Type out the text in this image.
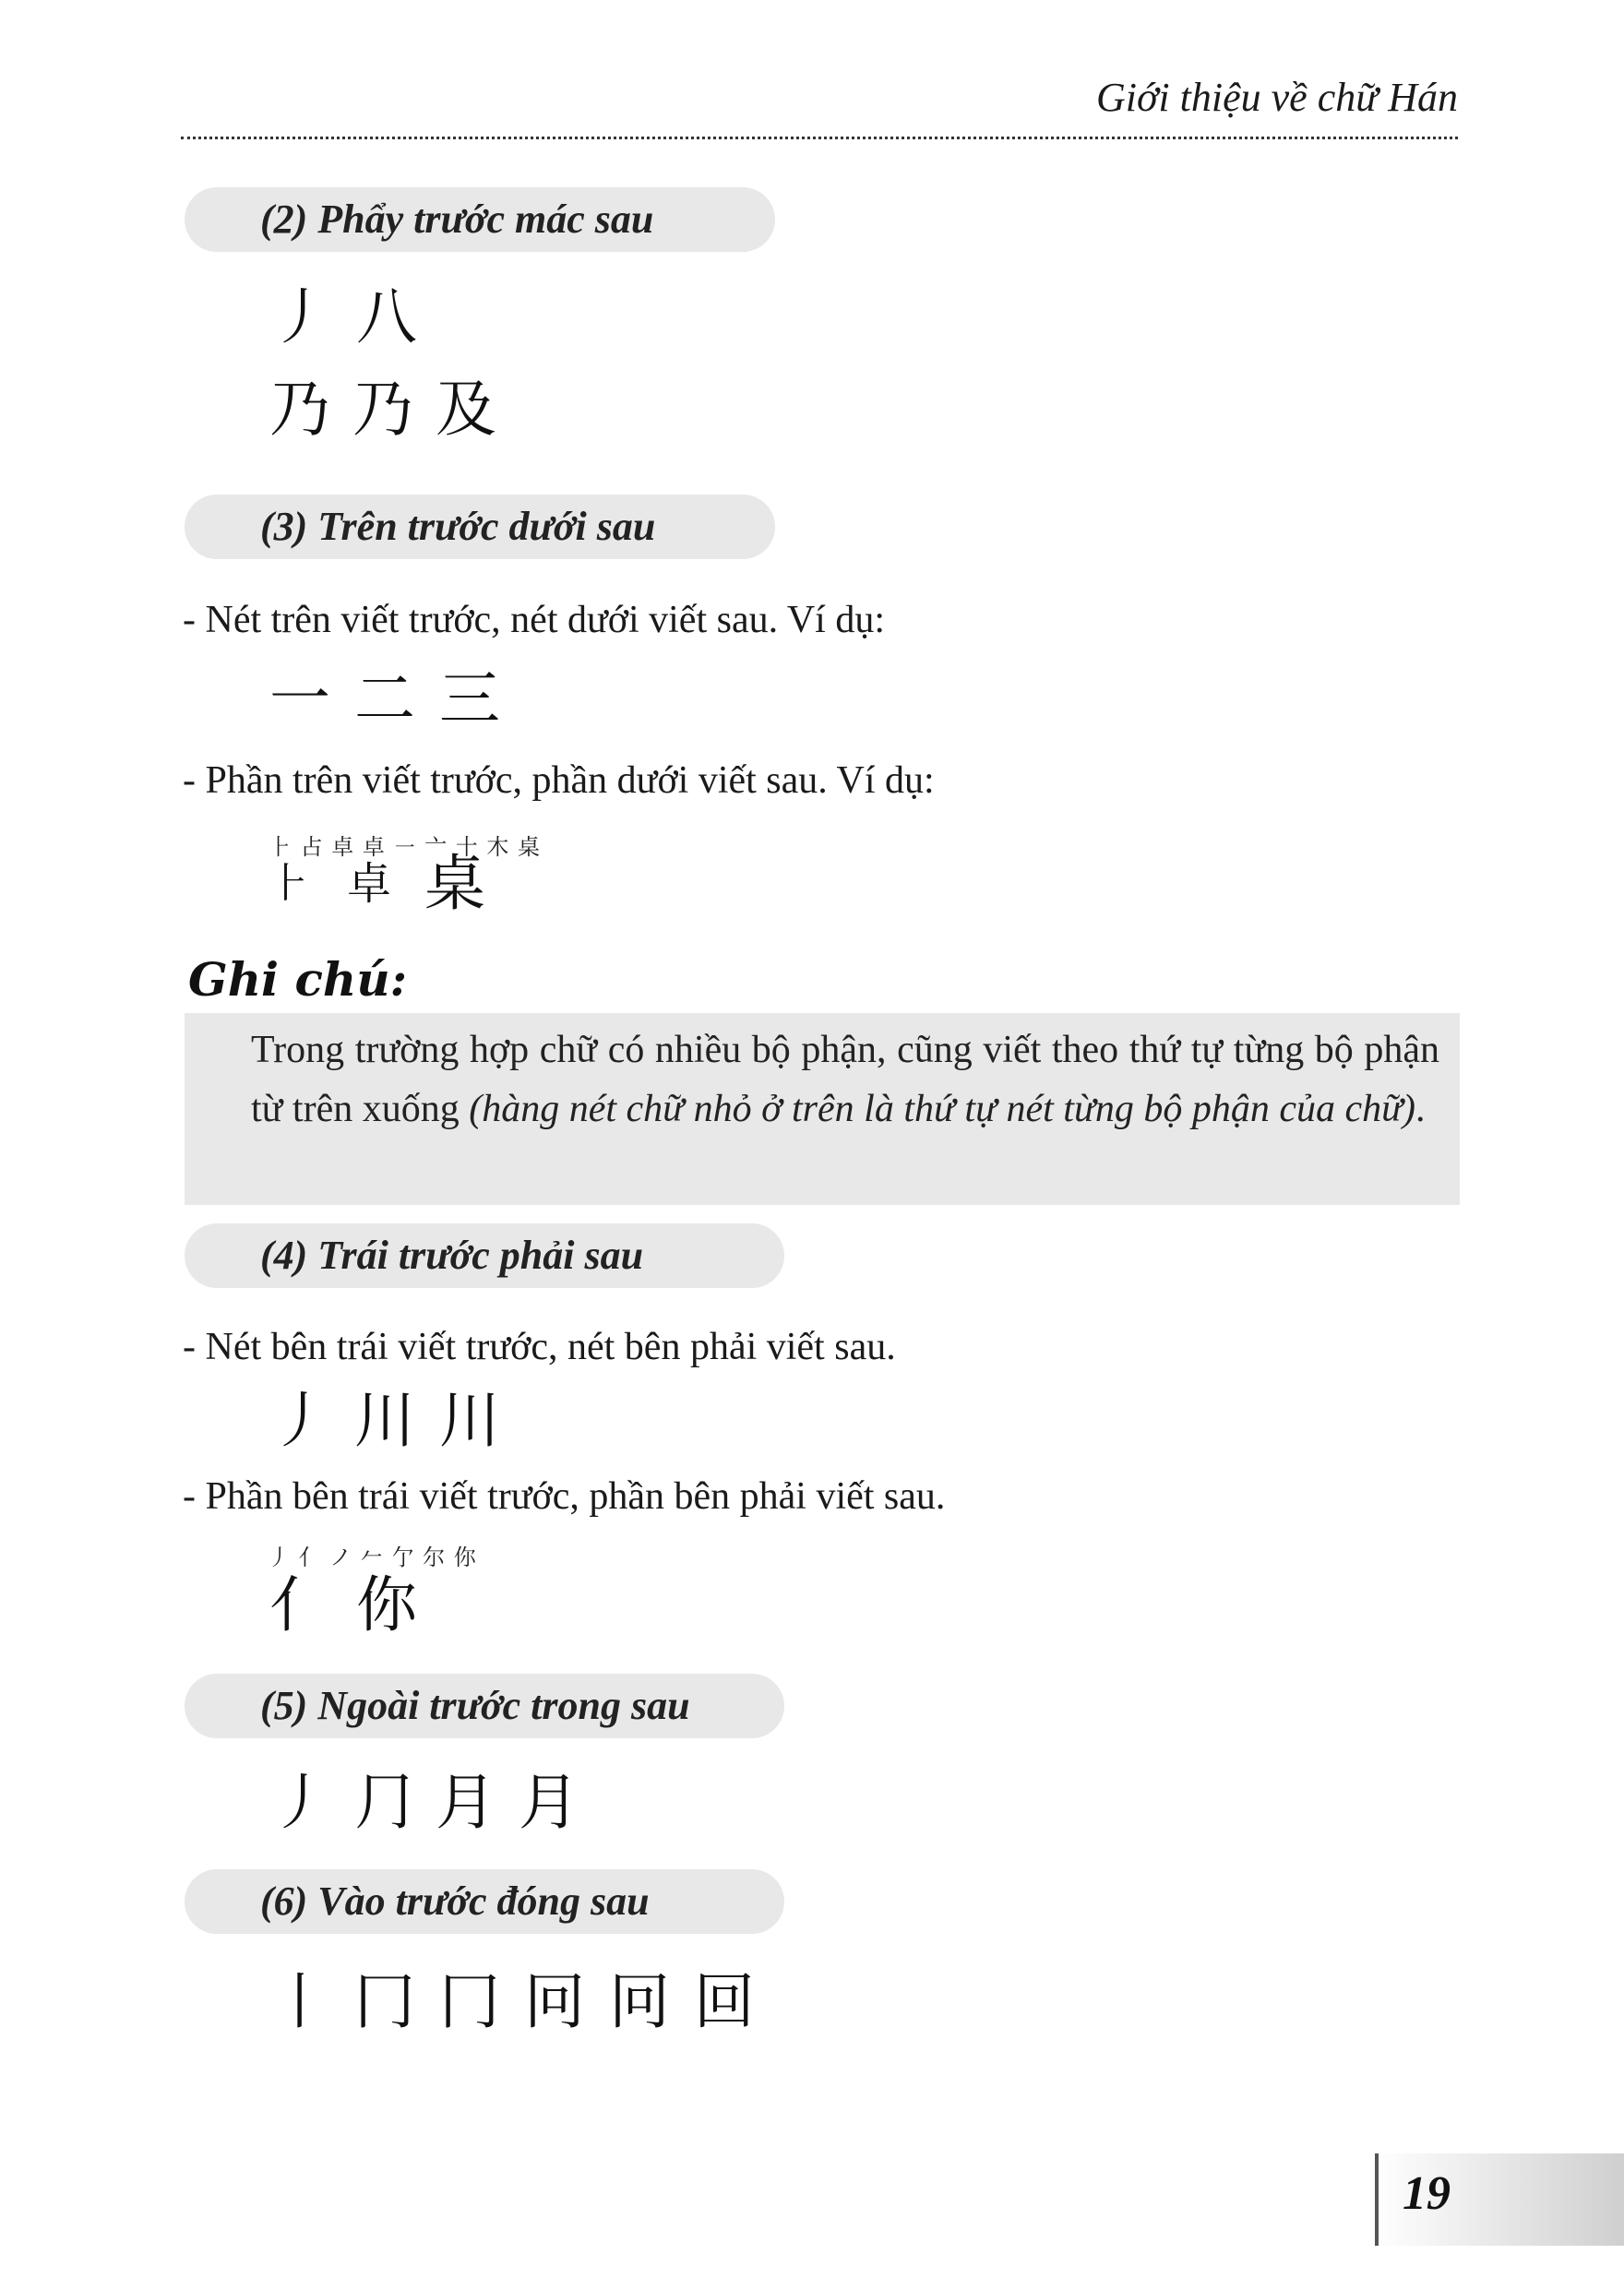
Giới thiệu về chữ Hán
(2) Phẩy trước mác sau
丿 八
乃 乃 及
(3) Trên trước dưới sau
- Nét trên viết trước, nét dưới viết sau. Ví dụ:
一 二 三
- Phần trên viết trước, phần dưới viết sau. Ví dụ:
⺊ 占 卓 卓 ㇐ 亠 十 木 桌
⺊ 卓 桌
Ghi chú:
Trong trường hợp chữ có nhiều bộ phận, cũng viết theo thứ tự từng bộ phận từ trên xuống (hàng nét chữ nhỏ ở trên là thứ tự nét từng bộ phận của chữ).
(4) Trái trước phải sau
- Nét bên trái viết trước, nét bên phải viết sau.
丿 川 川
- Phần bên trái viết trước, phần bên phải viết sau.
丿 亻 ノ 𠂉 亇 尔 你
亻 你
(5) Ngoài trước trong sau
丿 ⺆ 月 月
(6) Vào trước đóng sau
丨 冂 冂 冋 冋 回
19
